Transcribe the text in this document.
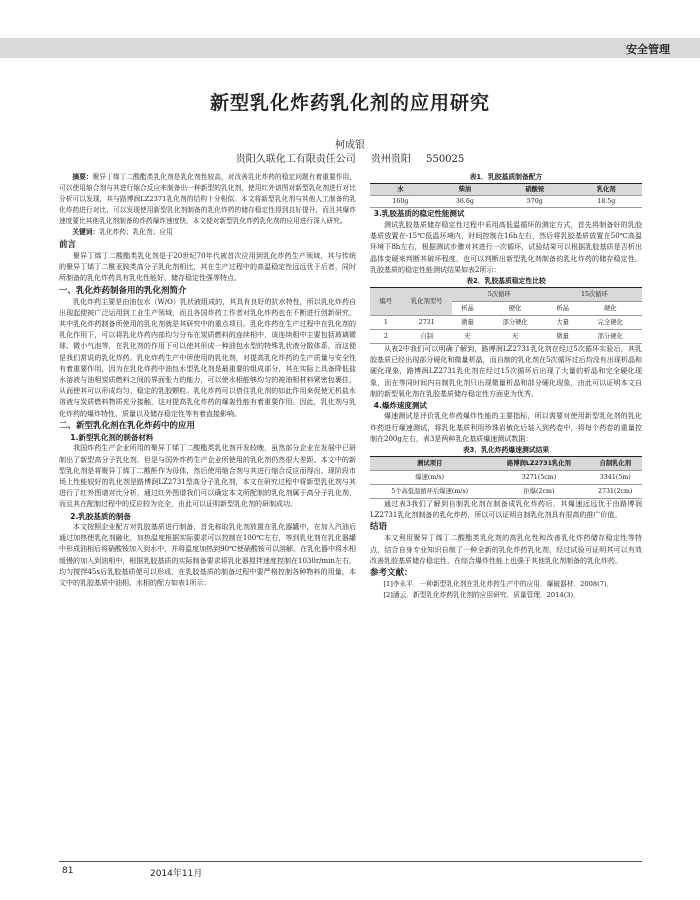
安全管理
新型乳化炸药乳化剂的应用研究
柯成银
贵阳久联化工有限责任公司 贵州贵阳 550025

摘要：聚异丁烯丁二酸酯类乳化剂是乳化剂性较高，对改善乳化炸药的稳定问题有着重要作用，可以使用缩合剂与其进行缩合反应来制备出一种新型的乳化剂，使用红外谱图对新型乳化剂进行对比分析可以发现，其与路博润LZ2371乳化剂的结构十分相似。本文将新型乳化剂与其他人工制备的乳化炸药进行对比，可以发现使用新型乳化剂制备的乳化炸药的储存稳定性得到良好提升，而且其爆炸速度要比其他乳化剂制备的炸药爆炸速度快，本文便对新型乳化炸药乳化剂的应用进行深入研究。

关键词：乳化炸药；乳化剂；应用

前言

聚异丁烯丁二酸酯类乳化剂是于20世纪70年代被首次应用到乳化炸药生产领域，其与传统的聚异丁烯丁二酰亚胺类高分子乳化剂相比，其在生产过程中的高温稳定性远远优于后者，同时所制备的乳化炸药具有乳化性能好、储存稳定性强等特点。

一、乳化炸药制备用的乳化剂简介

乳化炸药主要是由油包水（W/O）乳状液组成的，其具有良好的抗水特性，所以乳化炸药自出现起便被广泛运用到工业生产领域，而且各国炸药工作者对乳化炸药也在不断进行创新研究，其中乳化炸药制备所使用的乳化剂就是其研究中的重点项目。乳化炸药在生产过程中在乳化剂的乳化作用下，可以将乳化炸药内部均匀分布在炭质燃料的连续相中，该连续相中主要包括玻璃微球、微小气泡等，在乳化剂的作用下可以使其形成一种油包水型的特殊乳状液分散体系，而这便是我们常说的乳化炸药。乳化炸药生产中所使用的乳化剂，对提高乳化炸药的生产质量与安全性有着重要作用，因为在乳化炸药中油包水型乳化剂是最重要的组成部分，其在实际上具备降低盐水溶液与油相炭质燃料之间的界面张力的能力，可以使水相能够均匀的被油相材料紧密包裹住，从而使其可以形成均匀、稳定的乳胶颗粒。乳化炸药可以借住乳化剂的如此作用来促使无机盐水溶液与炭质燃料物质充分接触，这对提高乳化炸药的爆轰性能有着重要作用。因此，乳化剂与乳化炸药的爆炸特性、质量以及储存稳定性等有着直接影响。

二、新型乳化剂在乳化炸药中的应用
1.新型乳化剂的制备材料

我国炸药生产企业所用的聚异丁烯丁二酸酯类乳化剂开发较晚，虽然部分企业在发展中已研制出了新型高分子乳化剂，但是与国外炸药生产企业所使用的乳化剂仍然很大差距。本文中的新型乳化剂是将聚异丁烯丁二酸酐作为母体，然后使用缩合剂与其进行缩合反应而得出。现阶段市场上性能较好的乳化剂是路博润LZ2731型高分子乳化剂，本文在研究过程中将新型乳化剂与其进行了红外图谱对比分析，通过红外图谱我们可以确定本文所配制的乳化剂属于高分子乳化剂，而且其在配制过程中的反应较为完全，由此可以证明新型乳化剂的研制成功。

2.乳胶基质的制备

本文按照企业配方对乳胶基质进行制备，首先称取乳化剂放置在乳化器罐中，在加入汽油后通过加热使乳化剂融化，加热温度根据实际要求可以控制在100℃左右，等到乳化剂在乳化器罐中形成油相后将硝酸铵加入到水中，并将温度加热到90℃使硝酸铵可以溶解。在乳化器中将水相缓慢的加入到油相中，根据乳胶基质的实际制备要求将乳化器搅拌速度控制在1030r/min左右，均匀搅拌45s后乳胶基质便可以形成，在乳胶基质的制备过程中要严格控制各种物料的用量，本文中的乳胶基质中油相、水相的配方如表1所示：

表1．乳胶基质制备配方
水	柴油	硝酸铵	乳化剂
160g	36.6g	570g	18.5g
3.乳胶基质的稳定性能测试

测试乳胶基质储存稳定性过程中采用高低温循环的测定方式，首先将制备好的乳胶基质放置在-15℃低温环境内，时间控制在16h左右，然后将乳胶基质放置在50℃高温环境下8h左右，根据测试步骤对其进行一次循环，试验结果可以根据乳胶基质是否析出晶体变硬来判断其破坏程度，也可以判断出新型乳化剂制备的乳化炸药的储存稳定性。乳胶基质的稳定性能测试结果如表2所示：

表2．乳胶基质稳定性比较
编号	乳化剂型号	5次循环		15次循环	
		析晶	硬化	析晶	硬化
1	2731	微量	部分硬化	大量	完全硬化
2	自制	无	无	微量	部分硬化

从表2中我们可以明确了解到，路博润LZ2731乳化剂在经过5次循环实验后，其乳胶基质已经出现部分硬化和微量析晶，而自制的乳化剂在5次循环过后均没有出现析晶和硬化现象，路博润LZ2731乳化剂在经过15次循环后出现了大量的析晶和完全硬化现象，而在等同时间内自制乳化剂只出现微量析晶和部分硬化现象，由此可以证明本文自制的新型氧化剂在乳胶基质储存稳定性方面更为优秀。

4.爆炸速度测试

爆速测试是评价乳化炸药爆炸性能的主要指标，所以需要对使用新型乳化剂的乳化炸药进行爆速测试，将乳化基质利用珍珠岩敏化后装入到药卷中，将每个药卷的重量控制在200g左右，表3是两种乳化基质爆速测试数据：

表3．乳化炸药爆速测试结果
测试项目	路博润LZ2731乳化剂	自制乳化剂
爆速(m/s)	3271(5cm)	3341(5m)
5个高低温循环后爆速(m/s)	拒爆(2cm)	2731(2cm)

通过表3我们了解到自制乳化剂在制备成乳化炸药后，其爆速远远优于由路博润LZ2731乳化剂制备的乳化炸药，所以可以证明自制乳化剂具有很高的推广价值。

结语

本文利用聚异丁烯丁二酸酯类乳化剂的高乳化性和改善乳化炸药储存稳定性等特点，结合自身专业知识自制了一种全新的乳化炸药乳化剂，经过试验可证明其可以有效改善乳胶基质储存稳定性，在综合爆炸性能上也强于其他乳化剂制备的乳化炸药。

参考文献：

[1]李永平．一种新型乳化剂在乳化炸药生产中的应用．爆破器材．2008(7)．

[2]潘云．新型乳化炸药乳化剂的应用研究．质量管理．2014(3)．

81	2014年11月
